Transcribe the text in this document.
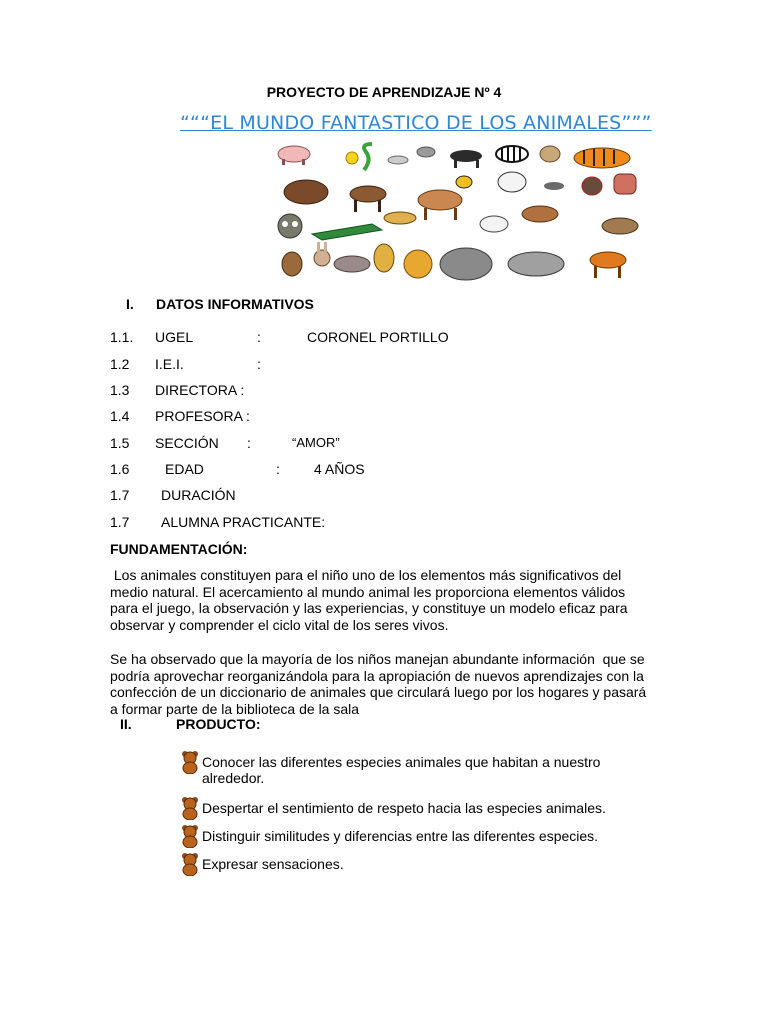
PROYECTO DE APRENDIZAJE Nº 4
“““EL MUNDO FANTASTICO DE LOS ANIMALES”””
I. DATOS INFORMATIVOS
1.1. UGEL	:	CORONEL PORTILLO
1.2 I.E.I.	:
1.3 DIRECTORA :
1.4 PROFESORA :
1.5 SECCIÓN :	“AMOR”
1.6	EDAD	: 4 AÑOS
1.7 DURACIÓN
1.7 ALUMNA PRACTICANTE:
FUNDAMENTACIÓN:
Los animales constituyen para el niño uno de los elementos más significativos del
medio natural. El acercamiento al mundo animal les proporciona elementos válidos
para el juego, la observación y las experiencias, y constituye un modelo eficaz para
observar y comprender el ciclo vital de los seres vivos.
Se ha observado que la mayoría de los niños manejan abundante información  que se
podría aprovechar reorganizándola para la apropiación de nuevos aprendizajes con la
confección de un diccionario de animales que circulará luego por los hogares y pasará
a formar parte de la biblioteca de la sala
II.	PRODUCTO:
Conocer las diferentes especies animales que habitan a nuestro
alrededor.
Despertar el sentimiento de respeto hacia las especies animales.
Distinguir similitudes y diferencias entre las diferentes especies.
Expresar sensaciones.
